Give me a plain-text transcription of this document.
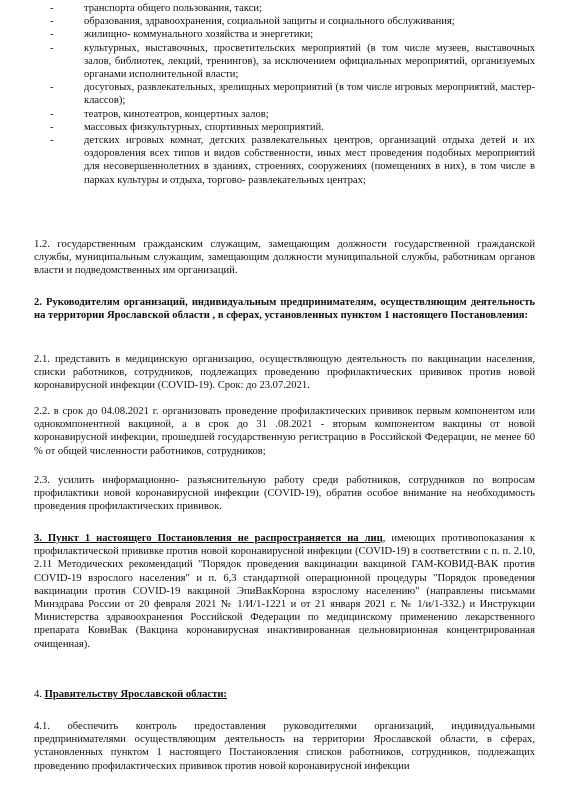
-	транспорта общего пользования, такси;
-	образования, здравоохранения, социальной защиты и социального обслуживания;
-	жилищно- коммунального хозяйства и энергетики;
-	культурных, выставочных, просветительских мероприятий (в том числе музеев, выставочных залов, библиотек, лекций, тренингов), за исключением официальных мероприятий, организуемых органами исполнительной власти;
-	досуговых, развлекательных, зрелищных мероприятий (в том числе игровых мероприятий, мастер- классов);
-	театров, кинотеатров, концертных залов;
-	массовых физкультурных, спортивных мероприятий.
-	детских игровых комнат, детских развлекательных центров, организаций отдыха детей и их оздоровления всех типов и видов собственности, иных мест проведения подобных мероприятий для несовершеннолетних в зданиях, строениях, сооружениях (помещениях в них), в том числе в парках культуры и отдыха, торгово- развлекательных центрах;
1.2. государственным гражданским служащим, замещающим должности государственной гражданской службы, муниципальным служащим, замещающим должности муниципальной службы, работникам органов власти и подведомственных им организаций.
2. Руководителям организаций, индивидуальным предпринимателям, осуществляющим деятельность на территории Ярославской области , в сферах, установленных пунктом 1 настоящего Постановления:
2.1. представить в медицинскую организацию, осуществляющую деятельность по вакцинации населения, списки работников, сотрудников, подлежащих проведению профилактических прививок против новой коронавирусной инфекции (COVID-19). Срок: до 23.07.2021.
2.2. в срок до 04.08.2021 г. организовать проведение профилактических прививок первым компонентом или однокомпонентной вакциной, а в срок до 31 .08.2021 - вторым компонентом вакцины от новой коронавирусной инфекции, прошедшей государственную регистрацию в Российской Федерации, не менее 60 % от общей численности работников, сотрудников;
2.3. усилить информационно- разъяснительную работу среди работников, сотрудников по вопросам профилактики новой коронавирусной инфекции (COVID-19), обратив особое внимание на необходимость проведения профилактических прививок.
3. Пункт 1 настоящего Постановления не распространяется на лиц, имеющих противопоказания к профилактической прививке против новой коронавирусной инфекции (COVID-19) в соответствии с п. п. 2.10, 2.11 Методических рекомендаций "Порядок проведения вакцинации вакциной ГАМ-КОВИД-ВАК против COVID-19 взрослого населения" и п. 6,3 стандартной операционной процедуры "Порядок проведения вакцинации против COVID-19 вакциной ЭпиВакКорона взрослому населению" (направлены письмами Минздрава России от 20 февраля 2021 № 1/И/1-1221 и от 21 января 2021 г. № 1/и/1-332.) и Инструкции Министерства здравоохранения Российской Федерации по медицинскому применению лекарственного препарата КовиВак (Вакцина коронавирусная инактивированная цельновирионная концентрированная очищенная).
4. Правительству Ярославской области:
4.1. обеспечить контроль предоставления руководителями организаций, индивидуальными предпринимателями осуществляющим деятельность на территории Ярославской области, в сферах, установленных пунктом 1 настоящего Постановления списков работников, сотрудников, подлежащих проведению профилактических прививок против новой коронавирусной инфекции
